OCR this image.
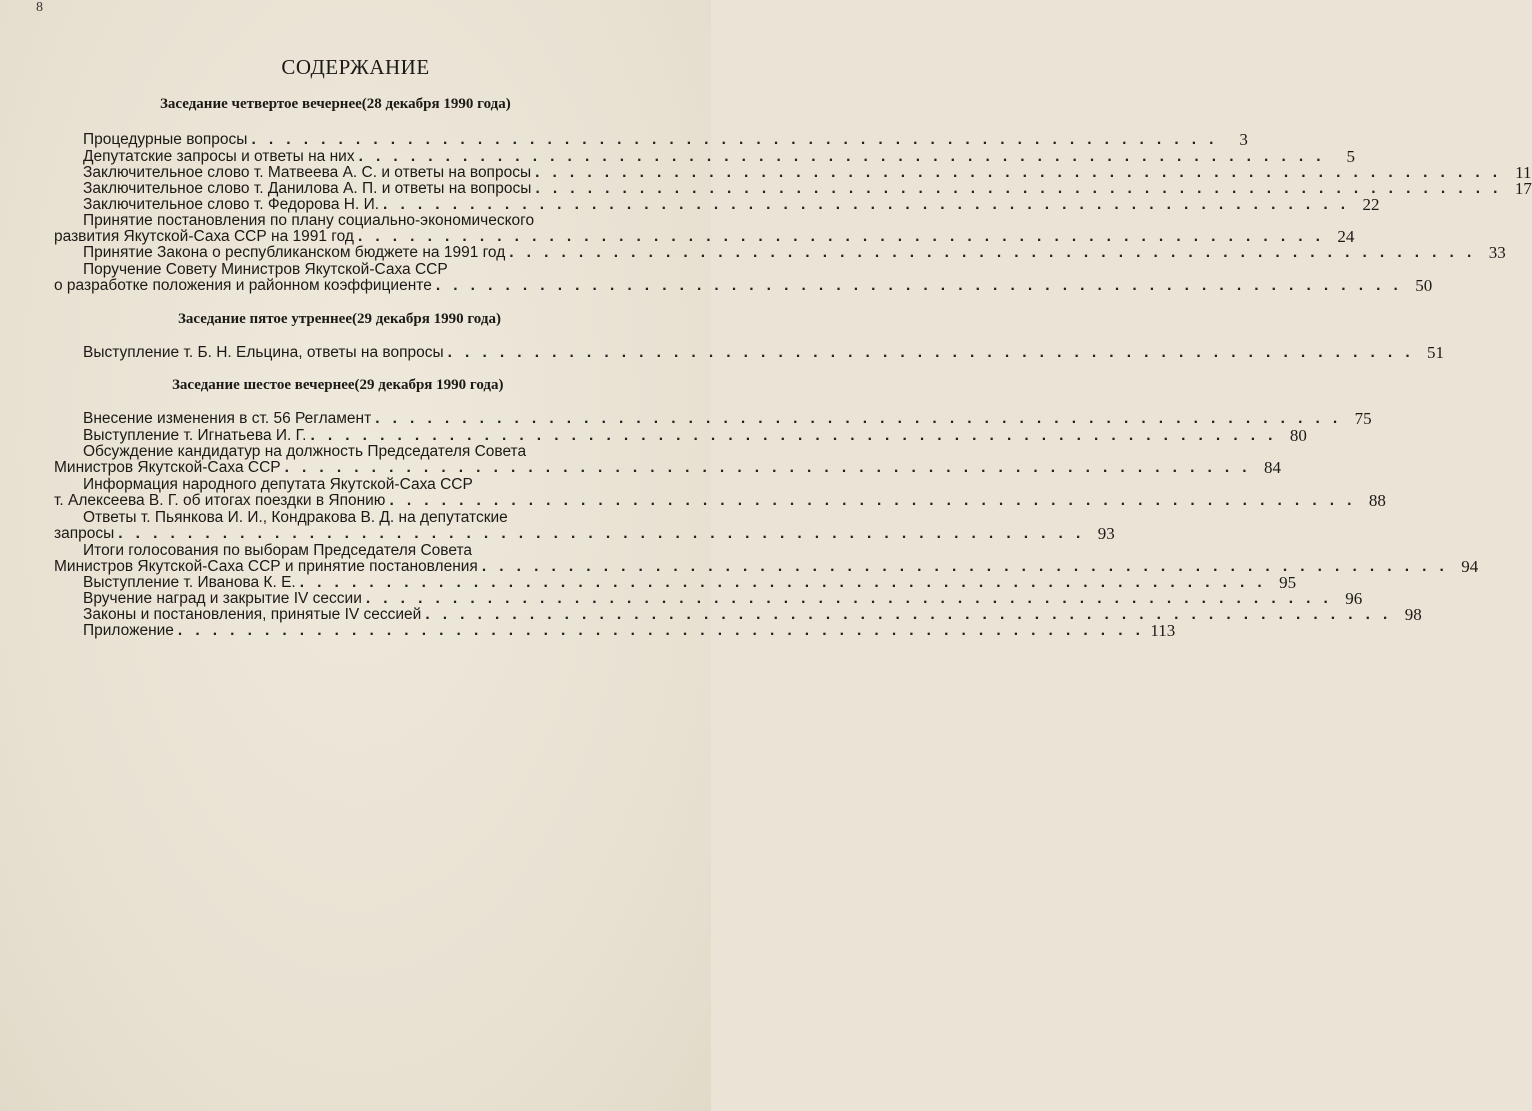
8
СОДЕРЖАНИЕ
Заседание четвертое вечернее(28 декабря 1990 года)
Процедурные вопросы . . . . . . . . . . . . . . . . . . . . . . . . . . . . . . . . . . . . . . . . . . . . . . . . . . . . . . . .	3
Депутатские запросы и ответы на них . . . . . . . . . . . . . . . . . . . . . . . . . . . . . . . . . . . . . . . . . . . . . . . . . . . . . . . .	5
Заключительное слово т. Матвеева А. С. и ответы на вопросы . . . . . . . . . . . . . . . . . . . . . . . . . . . . . . . . . . . . . . . . . . . . . . . . . . . . . . . . 11
Заключительное слово т. Данилова А. П. и ответы на вопросы . . . . . . . . . . . . . . . . . . . . . . . . . . . . . . . . . . . . . . . . . . . . . . . . . . . . . . . . 17
Заключительное слово т. Федорова Н. И. . . . . . . . . . . . . . . . . . . . . . . . . . . . . . . . . . . . . . . . . . . . . . . . . . . . . . . . . 22
Принятие постановления по плану социально-экономического
развития Якутской-Саха ССР на 1991 год . . . . . . . . . . . . . . . . . . . . . . . . . . . . . . . . . . . . . . . . . . . . . . . . . . . . . . . . 24
Принятие Закона о республиканском бюджете на 1991 год . . . . . . . . . . . . . . . . . . . . . . . . . . . . . . . . . . . . . . . . . . . . . . . . . . . . . . . . 33
Поручение Совету Министров Якутской-Саха ССР
о разработке положения и районном коэффициенте . . . . . . . . . . . . . . . . . . . . . . . . . . . . . . . . . . . . . . . . . . . . . . . . . . . . . . . . 50
Заседание пятое утреннее(29 декабря 1990 года)
Выступление т. Б. Н. Ельцина, ответы на вопросы . . . . . . . . . . . . . . . . . . . . . . . . . . . . . . . . . . . . . . . . . . . . . . . . . . . . . . . . 51
Заседание шестое вечернее(29 декабря 1990 года)
Внесение изменения в ст. 56 Регламент . . . . . . . . . . . . . . . . . . . . . . . . . . . . . . . . . . . . . . . . . . . . . . . . . . . . . . . . 75
Выступление т. Игнатьева И. Г. . . . . . . . . . . . . . . . . . . . . . . . . . . . . . . . . . . . . . . . . . . . . . . . . . . . . . . . . 80
Обсуждение кандидатур на должность Председателя Совета
Министров Якутской-Саха ССР . . . . . . . . . . . . . . . . . . . . . . . . . . . . . . . . . . . . . . . . . . . . . . . . . . . . . . . . 84
Информация народного депутата Якутской-Саха ССР
т. Алексеева В. Г. об итогах поездки в Японию . . . . . . . . . . . . . . . . . . . . . . . . . . . . . . . . . . . . . . . . . . . . . . . . . . . . . . . . 88
Ответы т. Пьянкова И. И., Кондракова В. Д. на депутатские
запросы . . . . . . . . . . . . . . . . . . . . . . . . . . . . . . . . . . . . . . . . . . . . . . . . . . . . . . . . 93
Итоги голосования по выборам Председателя Совета
Министров Якутской-Саха ССР и принятие постановления . . . . . . . . . . . . . . . . . . . . . . . . . . . . . . . . . . . . . . . . . . . . . . . . . . . . . . . . 94
Выступление т. Иванова К. Е. . . . . . . . . . . . . . . . . . . . . . . . . . . . . . . . . . . . . . . . . . . . . . . . . . . . . . . . . 95
Вручение наград и закрытие IV сессии . . . . . . . . . . . . . . . . . . . . . . . . . . . . . . . . . . . . . . . . . . . . . . . . . . . . . . . . 96
Законы и постановления, принятые IV сессией . . . . . . . . . . . . . . . . . . . . . . . . . . . . . . . . . . . . . . . . . . . . . . . . . . . . . . . . 98
Приложение . . . . . . . . . . . . . . . . . . . . . . . . . . . . . . . . . . . . . . . . . . . . . . . . . . . . . . . . 113
